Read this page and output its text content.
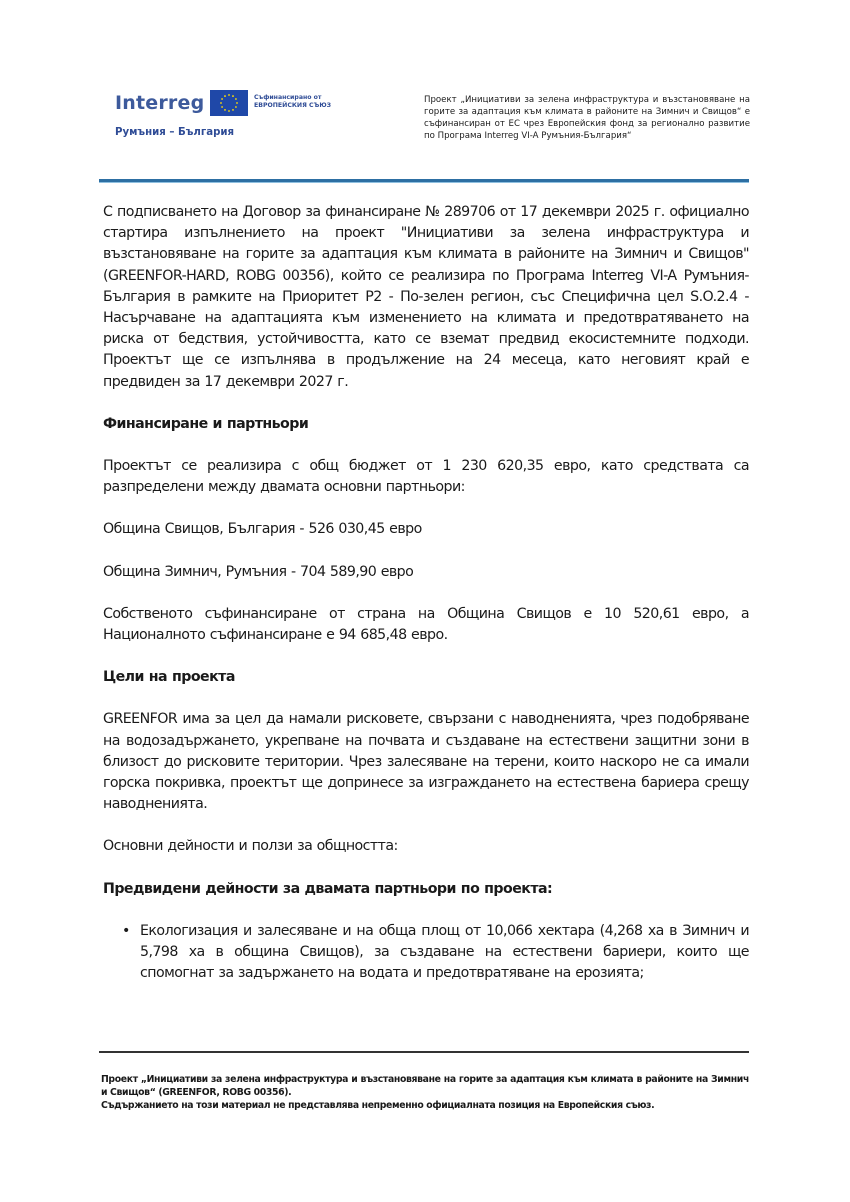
Interreg	Съфинансирано от
ЕВРОПЕЙСКИЯ СЪЮЗ
Румъния – България
Проект „Инициативи за зелена инфраструктура и възстановяване на горите за адаптация към климата в районите на Зимнич и Свищов“ е съфинансиран от ЕС чрез Европейския фонд за регионално развитие по Програма Interreg VI-A Румъния-България“

С подписването на Договор за финансиране № 289706 от 17 декември 2025 г. официално стартира изпълнението на проект "Инициативи за зелена инфраструктура и възстановяване на горите за адаптация към климата в районите на Зимнич и Свищов" (GREENFOR-HARD, ROBG 00356), който се реализира по Програма Interreg VI-A Румъния-България в рамките на Приоритет P2 - По-зелен регион, със Специфична цел S.O.2.4 - Насърчаване на адаптацията към изменението на климата и предотвратяването на риска от бедствия, устойчивостта, като се вземат предвид екосистемните подходи. Проектът ще се изпълнява в продължение на 24 месеца, като неговият край е предвиден за 17 декември 2027 г.

Финансиране и партньори

Проектът се реализира с общ бюджет от 1 230 620,35 евро, като средствата са разпределени между двамата основни партньори:

Община Свищов, България - 526 030,45 евро

Община Зимнич, Румъния - 704 589,90 евро

Собственото съфинансиране от страна на Община Свищов е 10 520,61 евро, а Националното съфинансиране е 94 685,48 евро.

Цели на проекта

GREENFOR има за цел да намали рисковете, свързани с наводненията, чрез подобряване на водозадържането, укрепване на почвата и създаване на естествени защитни зони в близост до рисковите територии. Чрез залесяване на терени, които наскоро не са имали горска покривка, проектът ще допринесе за изграждането на естествена бариера срещу наводненията.

Основни дейности и ползи за общността:

Предвидени дейности за двамата партньори по проекта:

• Екологизация и залесяване и на обща площ от 10,066 хектара (4,268 ха в Зимнич и 5,798 ха в община Свищов), за създаване на естествени бариери, които ще спомогнат за задържането на водата и предотвратяване на ерозията;

Проект „Инициативи за зелена инфраструктура и възстановяване на горите за адаптация към климата в районите на Зимнич и Свищов“ (GREENFOR, ROBG 00356).

Съдържанието на този материал не представлява непременно официалната позиция на Европейския съюз.
